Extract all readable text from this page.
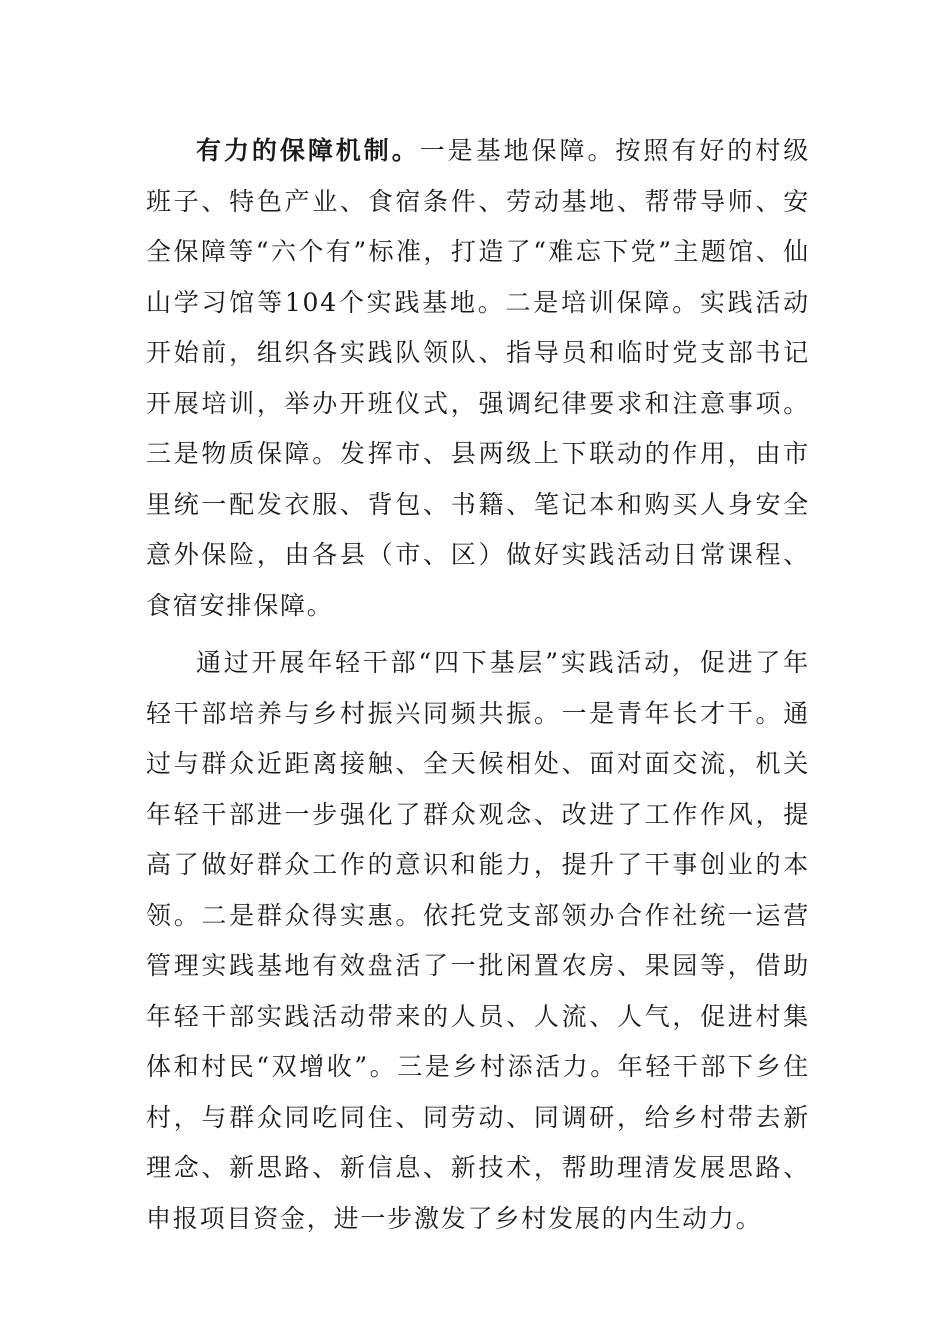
有力的保障机制。一是基地保障。按照有好的村级班子、特色产业、食宿条件、劳动基地、帮带导师、安全保障等“六个有”标准，打造了“难忘下党”主题馆、仙山学习馆等104个实践基地。二是培训保障。实践活动开始前，组织各实践队领队、指导员和临时党支部书记开展培训，举办开班仪式，强调纪律要求和注意事项。三是物质保障。发挥市、县两级上下联动的作用，由市里统一配发衣服、背包、书籍、笔记本和购买人身安全意外保险，由各县（市、区）做好实践活动日常课程、食宿安排保障。

通过开展年轻干部“四下基层”实践活动，促进了年轻干部培养与乡村振兴同频共振。一是青年长才干。通过与群众近距离接触、全天候相处、面对面交流，机关年轻干部进一步强化了群众观念、改进了工作作风，提高了做好群众工作的意识和能力，提升了干事创业的本领。二是群众得实惠。依托党支部领办合作社统一运营管理实践基地有效盘活了一批闲置农房、果园等，借助年轻干部实践活动带来的人员、人流、人气，促进村集体和村民“双增收”。三是乡村添活力。年轻干部下乡住村，与群众同吃同住、同劳动、同调研，给乡村带去新理念、新思路、新信息、新技术，帮助理清发展思路、申报项目资金，进一步激发了乡村发展的内生动力。
